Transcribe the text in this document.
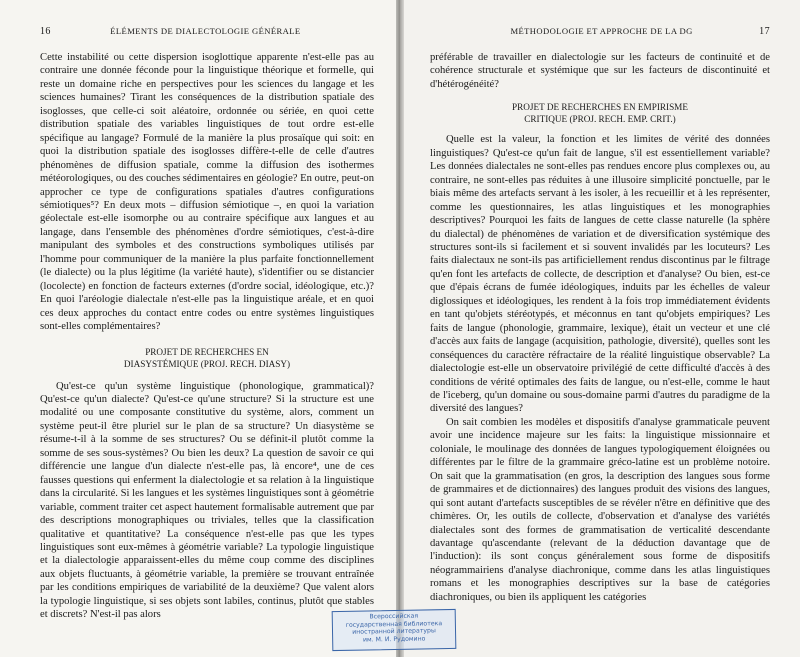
16	ÉLÉMENTS DE DIALECTOLOGIE GÉNÉRALE

Cette instabilité ou cette dispersion isoglottique apparente n'est-elle pas au contraire une donnée féconde pour la linguistique théorique et formelle, qui reste un domaine riche en perspectives pour les sciences du langage et les sciences humaines? Tirant les conséquences de la distribution spatiale des isoglosses, que celle-ci soit aléatoire, ordonnée ou sériée, en quoi cette distribution spatiale des variables linguistiques de tout ordre est-elle spécifique au langage? Formulé de la manière la plus prosaïque qui soit: en quoi la distribution spatiale des isoglosses diffère-t-elle de celle d'autres phénomènes de diffusion spatiale, comme la diffusion des isothermes météorologiques, ou des couches sédimentaires en géologie? En outre, peut-on approcher ce type de configurations spatiales d'autres configurations sémiotiques⁵? En deux mots – diffusion sémiotique –, en quoi la variation géolectale est-elle isomorphe ou au contraire spécifique aux langues et au langage, dans l'ensemble des phénomènes d'ordre sémiotiques, c'est-à-dire manipulant des symboles et des constructions symboliques utilisés par l'homme pour communiquer de la manière la plus parfaite fonctionnellement (le dialecte) ou la plus légitime (la variété haute), s'identifier ou se distancier (locolecte) en fonction de facteurs externes (d'ordre social, idéologique, etc.)? En quoi l'aréologie dialectale n'est-elle pas la linguistique aréale, et en quoi ces deux approches du contact entre codes ou entre systèmes linguistiques sont-elles complémentaires?

PROJET DE RECHERCHES EN
DIASYSTÉMIQUE (PROJ. RECH. DIASY)

Qu'est-ce qu'un système linguistique (phonologique, grammatical)? Qu'est-ce qu'un dialecte? Qu'est-ce qu'une structure? Si la structure est une modalité ou une composante constitutive du système, alors, comment un système peut-il être pluriel sur le plan de sa structure? Un diasystème se résume-t-il à la somme de ses structures? Ou se définit-il plutôt comme la somme de ses sous-systèmes? Ou bien les deux? La question de savoir ce qui différencie une langue d'un dialecte n'est-elle pas, là encore⁴, une de ces fausses questions qui enferment la dialectologie et sa relation à la linguistique dans la circularité. Si les langues et les systèmes linguistiques sont à géométrie variable, comment traiter cet aspect hautement formalisable autrement que par des descriptions monographiques ou triviales, telles que la classification qualitative et quantitative? La conséquence n'est-elle pas que les types linguistiques sont eux-mêmes à géométrie variable? La typologie linguistique et la dialectologie apparaissent-elles du même coup comme des disciplines aux objets fluctuants, à géométrie variable, la première se trouvant entraînée par les conditions empiriques de variabilité de la deuxième? Que valent alors la typologie linguistique, si ses objets sont labiles, continus, plutôt que stables et discrets? N'est-il pas alors

MÉTHODOLOGIE ET APPROCHE DE LA DG	17

préférable de travailler en dialectologie sur les facteurs de continuité et de cohérence structurale et systémique que sur les facteurs de discontinuité et d'hétérogénéité?

PROJET DE RECHERCHES EN EMPIRISME
CRITIQUE (PROJ. RECH. EMP. CRIT.)

Quelle est la valeur, la fonction et les limites de vérité des données linguistiques? Qu'est-ce qu'un fait de langue, s'il est essentiellement variable? Les données dialectales ne sont-elles pas rendues encore plus complexes ou, au contraire, ne sont-elles pas réduites à une illusoire simplicité ponctuelle, par le biais même des artefacts servant à les isoler, à les recueillir et à les représenter, comme les questionnaires, les atlas linguistiques et les monographies descriptives? Pourquoi les faits de langues de cette classe naturelle (la sphère du dialectal) de phénomènes de variation et de diversification systémique des structures sont-ils si facilement et si souvent invalidés par les locuteurs? Les faits dialectaux ne sont-ils pas artificiellement rendus discontinus par le filtrage qu'en font les artefacts de collecte, de description et d'analyse? Ou bien, est-ce que d'épais écrans de fumée idéologiques, induits par les échelles de valeur diglossiques et idéologiques, les rendent à la fois trop immédiatement évidents en tant qu'objets stéréotypés, et méconnus en tant qu'objets empiriques? Les faits de langue (phonologie, grammaire, lexique), était un vecteur et une clé d'accès aux faits de langage (acquisition, pathologie, diversité), quelles sont les conséquences du caractère réfractaire de la réalité linguistique observable? La dialectologie est-elle un observatoire privilégié de cette difficulté d'accès à des conditions de vérité optimales des faits de langue, ou n'est-elle, comme le haut de l'iceberg, qu'un domaine ou sous-domaine parmi d'autres du paradigme de la diversité des langues?

On sait combien les modèles et dispositifs d'analyse grammaticale peuvent avoir une incidence majeure sur les faits: la linguistique missionnaire et coloniale, le moulinage des données de langues typologiquement éloignées ou différentes par le filtre de la grammaire gréco-latine est un problème notoire. On sait que la grammatisation (en gros, la description des langues sous forme de grammaires et de dictionnaires) des langues produit des visions des langues, qui sont autant d'artefacts susceptibles de se révéler n'être en définitive que des chimères. Or, les outils de collecte, d'observation et d'analyse des variétés dialectales sont des formes de grammatisation de verticalité descendante davantage qu'ascendante (relevant de la déduction davantage que de l'induction): ils sont conçus généralement sous forme de dispositifs néogrammairiens d'analyse diachronique, comme dans les atlas linguistiques romans et les monographies descriptives sur la base de catégories diachroniques, ou bien ils appliquent les catégories

Всероссийская
государственная библиотека
иностранной литературы
им. М. И. Рудомино
